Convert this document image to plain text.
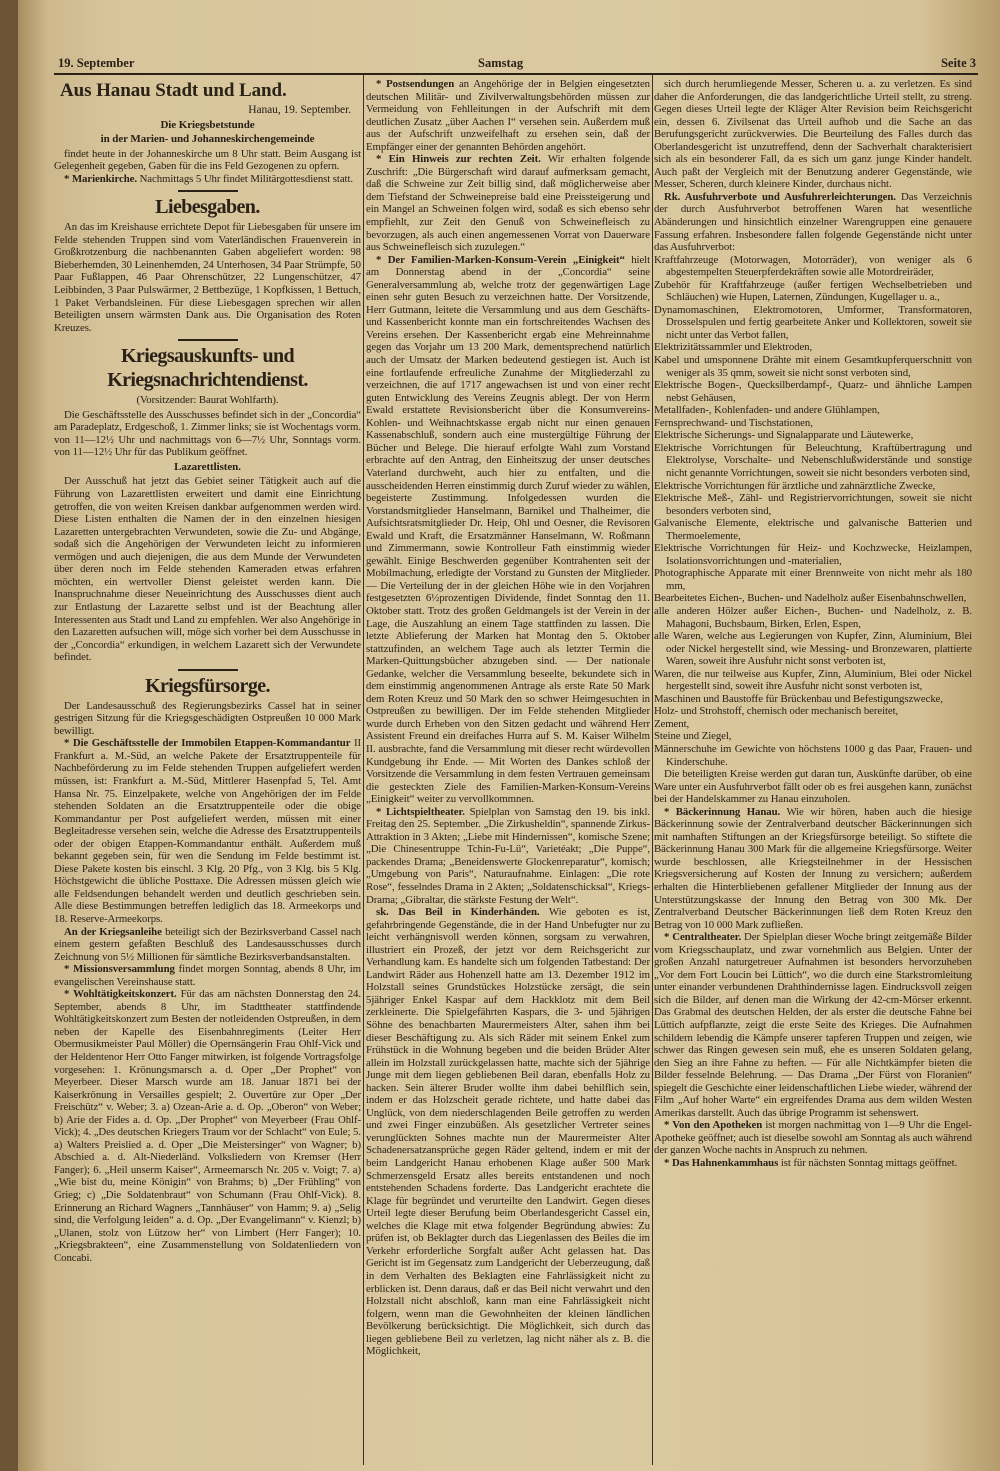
19. September	Samstag	Seite 3

Aus Hanau Stadt und Land.

Hanau, 19. September.

Die Kriegsbetstunde

in der Marien- und Johanneskirchengemeinde

findet heute in der Johanneskirche um 8 Uhr statt. Beim Ausgang ist Gelegenheit gegeben, Gaben für die ins Feld Gezogenen zu opfern.

* Marienkirche. Nachmittags 5 Uhr findet Militärgottesdienst statt.

Liebesgaben.

An das im Kreishause errichtete Depot für Liebesgaben für unsere im Felde stehenden Truppen sind vom Vaterländischen Frauenverein in Großkrotzenburg die nachbenannten Gaben abgeliefert worden: 98 Bieberhemden, 30 Leinenhemden, 24 Unterhosen, 34 Paar Strümpfe, 50 Paar Fußlappen, 46 Paar Ohrenschützer, 22 Lungenschützer, 47 Leibbinden, 3 Paar Pulswärmer, 2 Bettbezüge, 1 Kopfkissen, 1 Bettuch, 1 Paket Verbandsleinen. Für diese Liebesgagen sprechen wir allen Beteiligten unsern wärmsten Dank aus. Die Organisation des Roten Kreuzes.

Kriegsauskunfts- und Kriegsnachrichtendienst.

(Vorsitzender: Baurat Wohlfarth).

Die Geschäftsstelle des Ausschusses befindet sich in der „Concordia“ am Paradeplatz, Erdgeschoß, 1. Zimmer links; sie ist Wochentags vorm. von 11—12½ Uhr und nachmittags von 6—7½ Uhr, Sonntags vorm. von 11—12½ Uhr für das Publikum geöffnet.

Lazarettlisten.

Der Ausschuß hat jetzt das Gebiet seiner Tätigkeit auch auf die Führung von Lazarettlisten erweitert und damit eine Einrichtung getroffen, die von weiten Kreisen dankbar aufgenommen werden wird. Diese Listen enthalten die Namen der in den einzelnen hiesigen Lazaretten untergebrachten Verwundeten, sowie die Zu- und Abgänge, sodaß sich die Angehörigen der Verwundeten leicht zu informieren vermögen und auch diejenigen, die aus dem Munde der Verwundeten über deren noch im Felde stehenden Kameraden etwas erfahren möchten, ein wertvoller Dienst geleistet werden kann. Die Inanspruchnahme dieser Neueinrichtung des Ausschusses dient auch zur Entlastung der Lazarette selbst und ist der Beachtung aller Interessenten aus Stadt und Land zu empfehlen. Wer also Angehörige in den Lazaretten aufsuchen will, möge sich vorher bei dem Ausschusse in der „Concordia“ erkundigen, in welchem Lazarett sich der Verwundete befindet.

Kriegsfürsorge.

Der Landesausschuß des Regierungsbezirks Cassel hat in seiner gestrigen Sitzung für die Kriegsgeschädigten Ostpreußen 10 000 Mark bewilligt.

* Die Geschäftsstelle der Immobilen Etappen-Kommandantur II Frankfurt a. M.-Süd, an welche Pakete der Ersatztruppenteile für Nachbeförderung zu im Felde stehenden Truppen aufgeliefert werden müssen, ist: Frankfurt a. M.-Süd, Mittlerer Hasenpfad 5, Tel. Amt Hansa Nr. 75. Einzelpakete, welche von Angehörigen der im Felde stehenden Soldaten an die Ersatztruppenteile oder die obige Kommandantur per Post aufgeliefert werden, müssen mit einer Begleitadresse versehen sein, welche die Adresse des Ersatztruppenteils oder der obigen Etappen-Kommandantur enthält. Außerdem muß bekannt gegeben sein, für wen die Sendung im Felde bestimmt ist. Diese Pakete kosten bis einschl. 3 Klg. 20 Pfg., von 3 Klg. bis 5 Klg. Höchstgewicht die übliche Posttaxe. Die Adressen müssen gleich wie alle Feldsendungen behandelt werden und deutlich geschrieben sein. Alle diese Bestimmungen betreffen lediglich das 18. Armeekorps und 18. Reserve-Armeekorps.

An der Kriegsanleihe beteiligt sich der Bezirksverband Cassel nach einem gestern gefaßten Beschluß des Landesausschusses durch Zeichnung von 5½ Millionen für sämtliche Bezirksverbandsanstalten.

* Missionsversammlung findet morgen Sonntag, abends 8 Uhr, im evangelischen Vereinshause statt.

* Wohltätigkeitskonzert. Für das am nächsten Donnerstag den 24. September, abends 8 Uhr, im Stadttheater stattfindende Wohltätigkeitskonzert zum Besten der notleidenden Ostpreußen, in dem neben der Kapelle des Eisenbahnregiments (Leiter Herr Obermusikmeister Paul Möller) die Opernsängerin Frau Ohlf-Vick und der Heldentenor Herr Otto Fanger mitwirken, ist folgende Vortragsfolge vorgesehen: 1. Krönungsmarsch a. d. Oper „Der Prophet“ von Meyerbeer. Dieser Marsch wurde am 18. Januar 1871 bei der Kaiserkrönung in Versailles gespielt; 2. Ouvertüre zur Oper „Der Freischütz“ v. Weber; 3. a) Ozean-Arie a. d. Op. „Oberon“ von Weber; b) Arie der Fides a. d. Op. „Der Prophet“ von Meyerbeer (Frau Ohlf-Vick); 4. „Des deutschen Kriegers Traum vor der Schlacht“ von Eule; 5. a) Walters Preislied a. d. Oper „Die Meistersinger“ von Wagner; b) Abschied a. d. Alt-Niederländ. Volksliedern von Kremser (Herr Fanger); 6. „Heil unserm Kaiser“, Armeemarsch Nr. 205 v. Voigt; 7. a) „Wie bist du, meine Königin“ von Brahms; b) „Der Frühling“ von Grieg; c) „Die Soldatenbraut“ von Schumann (Frau Ohlf-Vick). 8. Erinnerung an Richard Wagners „Tannhäuser“ von Hamm; 9. a) „Selig sind, die Verfolgung leiden“ a. d. Op. „Der Evangelimann“ v. Kienzl; b) „Ulanen, stolz von Lützow her“ von Limbert (Herr Fanger); 10. „Kriegsbrakteen“, eine Zusammenstellung von Soldatenliedern von Concabi.

* Postsendungen an Angehörige der in Belgien eingesetzten deutschen Militär- und Zivilverwaltungsbehörden müssen zur Vermeidung von Fehlleitungen in der Aufschrift mit dem deutlichen Zusatz „über Aachen I“ versehen sein. Außerdem muß aus der Aufschrift unzweifelhaft zu ersehen sein, daß der Empfänger einer der genannten Behörden angehört.

* Ein Hinweis zur rechten Zeit. Wir erhalten folgende Zuschrift: „Die Bürgerschaft wird darauf aufmerksam gemacht, daß die Schweine zur Zeit billig sind, daß möglicherweise aber dem Tiefstand der Schweinepreise bald eine Preissteigerung und ein Mangel an Schweinen folgen wird, sodaß es sich ebenso sehr empfiehlt, zur Zeit den Genuß von Schweinefleisch zu bevorzugen, als auch einen angemessenen Vorrat von Dauerware aus Schweinefleisch sich zuzulegen.“

* Der Familien-Marken-Konsum-Verein „Einigkeit“ hielt am Donnerstag abend in der „Concordia“ seine Generalversammlung ab, welche trotz der gegenwärtigen Lage einen sehr guten Besuch zu verzeichnen hatte. Der Vorsitzende, Herr Gutmann, leitete die Versammlung und aus dem Geschäfts- und Kassenbericht konnte man ein fortschreitendes Wachsen des Vereins ersehen. Der Kassenbericht ergab eine Mehreinnahme gegen das Vorjahr um 13 200 Mark, dementsprechend natürlich auch der Umsatz der Marken bedeutend gestiegen ist. Auch ist eine fortlaufende erfreuliche Zunahme der Mitgliederzahl zu verzeichnen, die auf 1717 angewachsen ist und von einer recht guten Entwicklung des Vereins Zeugnis ablegt. Der von Herrn Ewald erstattete Revisionsbericht über die Konsumvereins-Kohlen- und Weihnachtskasse ergab nicht nur einen genauen Kassenabschluß, sondern auch eine mustergültige Führung der Bücher und Belege. Die hierauf erfolgte Wahl zum Vorstand erbrachte auf den Antrag, den Einheitszug der unser deutsches Vaterland durchweht, auch hier zu entfalten, und die ausscheidenden Herren einstimmig durch Zuruf wieder zu wählen, begeisterte Zustimmung. Infolgedessen wurden die Vorstandsmitglieder Hanselmann, Barnikel und Thalheimer, die Aufsichtsratsmitglieder Dr. Heip, Ohl und Oesner, die Revisoren Ewald und Kraft, die Ersatzmänner Hanselmann, W. Roßmann und Zimmermann, sowie Kontrolleur Fath einstimmig wieder gewählt. Einige Beschwerden gegenüber Kontrahenten seit der Mobilmachung, erledigte der Vorstand zu Gunsten der Mitglieder. — Die Verteilung der in der gleichen Höhe wie in den Vorjahren festgesetzten 6½prozentigen Dividende, findet Sonntag den 11. Oktober statt. Trotz des großen Geldmangels ist der Verein in der Lage, die Auszahlung an einem Tage stattfinden zu lassen. Die letzte Ablieferung der Marken hat Montag den 5. Oktober stattzufinden, an welchem Tage auch als letzter Termin die Marken-Quittungsbücher abzugeben sind. — Der nationale Gedanke, welcher die Versammlung beseelte, bekundete sich in dem einstimmig angenommenen Antrage als erste Rate 50 Mark dem Roten Kreuz und 50 Mark den so schwer Heimgesuchten in Ostpreußen zu bewilligen. Der im Felde stehenden Mitglieder wurde durch Erheben von den Sitzen gedacht und während Herr Assistent Freund ein dreifaches Hurra auf S. M. Kaiser Wilhelm II. ausbrachte, fand die Versammlung mit dieser recht würdevollen Kundgebung ihr Ende. — Mit Worten des Dankes schloß der Vorsitzende die Versammlung in dem festen Vertrauen gemeinsam die gesteckten Ziele des Familien-Marken-Konsum-Vereins „Einigkeit“ weiter zu vervollkommnen.

* Lichtspieltheater. Spielplan von Samstag den 19. bis inkl. Freitag den 25. September. „Die Zirkusheldin“, spannende Zirkus-Attraktion in 3 Akten; „Liebe mit Hindernissen“, komische Szene; „Die Chinesentruppe Tchin-Fu-Lü“, Varietéakt; „Die Puppe“, packendes Drama; „Beneidenswerte Glockenreparatur“, komisch; „Umgebung von Paris“, Naturaufnahme. Einlagen: „Die rote Rose“, fesselndes Drama in 2 Akten; „Soldatenschicksal“, Kriegs-Drama; „Gibraltar, die stärkste Festung der Welt“.

sk. Das Beil in Kinderhänden. Wie geboten es ist, gefahrbringende Gegenstände, die in der Hand Unbefugter nur zu leicht verhängnisvoll werden können, sorgsam zu verwahren, illustriert ein Prozeß, der jetzt vor dem Reichsgericht zur Verhandlung kam. Es handelte sich um folgenden Tatbestand: Der Landwirt Räder aus Hohenzell hatte am 13. Dezember 1912 im Holzstall seines Grundstückes Holzstücke zersägt, die sein 5jähriger Enkel Kaspar auf dem Hackklotz mit dem Beil zerkleinerte. Die Spielgefährten Kaspars, die 3- und 5jährigen Söhne des benachbarten Maurermeisters Alter, sahen ihm bei dieser Beschäftigung zu. Als sich Räder mit seinem Enkel zum Frühstück in die Wohnung begeben und die beiden Brüder Alter allein im Holzstall zurückgelassen hatte, machte sich der 5jährige Junge mit dem liegen gebliebenen Beil daran, ebenfalls Holz zu hacken. Sein älterer Bruder wollte ihm dabei behilflich sein, indem er das Holzscheit gerade richtete, und hatte dabei das Unglück, von dem niederschlagenden Beile getroffen zu werden und zwei Finger einzubüßen. Als gesetzlicher Vertreter seines verunglückten Sohnes machte nun der Maurermeister Alter Schadenersatzansprüche gegen Räder geltend, indem er mit der beim Landgericht Hanau erhobenen Klage außer 500 Mark Schmerzensgeld Ersatz alles bereits entstandenen und noch entstehenden Schadens forderte. Das Landgericht erachtete die Klage für begründet und verurteilte den Landwirt. Gegen dieses Urteil legte dieser Berufung beim Oberlandesgericht Cassel ein, welches die Klage mit etwa folgender Begründung abwies: Zu prüfen ist, ob Beklagter durch das Liegenlassen des Beiles die im Verkehr erforderliche Sorgfalt außer Acht gelassen hat. Das Gericht ist im Gegensatz zum Landgericht der Ueberzeugung, daß in dem Verhalten des Beklagten eine Fahrlässigkeit nicht zu erblicken ist. Denn daraus, daß er das Beil nicht verwahrt und den Holzstall nicht abschloß, kann man eine Fahrlässigkeit nicht folgern, wenn man die Gewohnheiten der kleinen ländlichen Bevölkerung berücksichtigt. Die Möglichkeit, sich durch das liegen gebliebene Beil zu verletzen, lag nicht näher als z. B. die Möglichkeit,

sich durch herumliegende Messer, Scheren u. a. zu verletzen. Es sind daher die Anforderungen, die das landgerichtliche Urteil stellt, zu streng. Gegen dieses Urteil legte der Kläger Alter Revision beim Reichsgericht ein, dessen 6. Zivilsenat das Urteil aufhob und die Sache an das Berufungsgericht zurückverwies. Die Beurteilung des Falles durch das Oberlandesgericht ist unzutreffend, denn der Sachverhalt charakterisiert sich als ein besonderer Fall, da es sich um ganz junge Kinder handelt. Auch paßt der Vergleich mit der Benutzung anderer Gegenstände, wie Messer, Scheren, durch kleinere Kinder, durchaus nicht.

Rk. Ausfuhrverbote und Ausfuhrerleichterungen. Das Verzeichnis der durch Ausfuhrverbot betroffenen Waren hat wesentliche Abänderungen und hinsichtlich einzelner Warengruppen eine genauere Fassung erfahren. Insbesondere fallen folgende Gegenstände nicht unter das Ausfuhrverbot:

Kraftfahrzeuge (Motorwagen, Motorräder), von weniger als 6 abgestempelten Steuerpferdekräften sowie alle Motordreiräder,

Zubehör für Kraftfahrzeuge (außer fertigen Wechselbetrieben und Schläuchen) wie Hupen, Laternen, Zündungen, Kugellager u. a.,

Dynamomaschinen, Elektromotoren, Umformer, Transformatoren, Drosselspulen und fertig gearbeitete Anker und Kollektoren, soweit sie nicht unter das Verbot fallen,

Elektrizitätssammler und Elektroden,

Kabel und umsponnene Drähte mit einem Gesamtkupferquerschnitt von weniger als 35 qmm, soweit sie nicht sonst verboten sind,

Elektrische Bogen-, Quecksilberdampf-, Quarz- und ähnliche Lampen nebst Gehäusen,

Metallfaden-, Kohlenfaden- und andere Glühlampen,

Fernsprechwand- und Tischstationen,

Elektrische Sicherungs- und Signalapparate und Läutewerke,

Elektrische Vorrichtungen für Beleuchtung, Kraftübertragung und Elektrolyse, Vorschalte- und Nebenschlußwiderstände und sonstige nicht genannte Vorrichtungen, soweit sie nicht besonders verboten sind,

Elektrische Vorrichtungen für ärztliche und zahnärztliche Zwecke,

Elektrische Meß-, Zähl- und Registriervorrichtungen, soweit sie nicht besonders verboten sind,

Galvanische Elemente, elektrische und galvanische Batterien und Thermoelemente,

Elektrische Vorrichtungen für Heiz- und Kochzwecke, Heizlampen, Isolationsvorrichtungen und -materialien,

Photographische Apparate mit einer Brennweite von nicht mehr als 180 mm,

Bearbeitetes Eichen-, Buchen- und Nadelholz außer Eisenbahnschwellen,

alle anderen Hölzer außer Eichen-, Buchen- und Nadelholz, z. B. Mahagoni, Buchsbaum, Birken, Erlen, Espen,

alle Waren, welche aus Legierungen von Kupfer, Zinn, Aluminium, Blei oder Nickel hergestellt sind, wie Messing- und Bronzewaren, plattierte Waren, soweit ihre Ausfuhr nicht sonst verboten ist,

Waren, die nur teilweise aus Kupfer, Zinn, Aluminium, Blei oder Nickel hergestellt sind, soweit ihre Ausfuhr nicht sonst verboten ist,

Maschinen und Baustoffe für Brückenbau und Befestigungszwecke,

Holz- und Strohstoff, chemisch oder mechanisch bereitet,

Zement,

Steine und Ziegel,

Männerschuhe im Gewichte von höchstens 1000 g das Paar, Frauen- und Kinderschuhe.

Die beteiligten Kreise werden gut daran tun, Auskünfte darüber, ob eine Ware unter ein Ausfuhrverbot fällt oder ob es frei ausgehen kann, zunächst bei der Handelskammer zu Hanau einzuholen.

* Bäckerinnung Hanau. Wie wir hören, haben auch die hiesige Bäckerinnung sowie der Zentralverband deutscher Bäckerinnungen sich mit namhaften Stiftungen an der Kriegsfürsorge beteiligt. So stiftete die Bäckerinnung Hanau 300 Mark für die allgemeine Kriegsfürsorge. Weiter wurde beschlossen, alle Kriegsteilnehmer in der Hessischen Kriegsversicherung auf Kosten der Innung zu versichern; außerdem erhalten die Hinterbliebenen gefallener Mitglieder der Innung aus der Unterstützungskasse der Innung den Betrag von 300 Mk. Der Zentralverband Deutscher Bäckerinnungen ließ dem Roten Kreuz den Betrag von 10 000 Mark zufließen.

* Centraltheater. Der Spielplan dieser Woche bringt zeitgemäße Bilder vom Kriegsschauplatz, und zwar vornehmlich aus Belgien. Unter der großen Anzahl naturgetreuer Aufnahmen ist besonders hervorzuheben „Vor dem Fort Loucin bei Lüttich“, wo die durch eine Starkstromleitung unter einander verbundenen Drahthindernisse lagen. Eindrucksvoll zeigen sich die Bilder, auf denen man die Wirkung der 42-cm-Mörser erkennt. Das Grabmal des deutschen Helden, der als erster die deutsche Fahne bei Lüttich aufpflanzte, zeigt die erste Seite des Krieges. Die Aufnahmen schildern lebendig die Kämpfe unserer tapferen Truppen und zeigen, wie schwer das Ringen gewesen sein muß, ehe es unseren Soldaten gelang, den Sieg an ihre Fahne zu heften. — Für alle Nichtkämpfer bieten die Bilder fesselnde Belehrung. — Das Drama „Der Fürst von Floranien“ spiegelt die Geschichte einer leidenschaftlichen Liebe wieder, während der Film „Auf hoher Warte“ ein ergreifendes Drama aus dem wilden Westen Amerikas darstellt. Auch das übrige Programm ist sehenswert.

* Von den Apotheken ist morgen nachmittag von 1—9 Uhr die Engel-Apotheke geöffnet; auch ist dieselbe sowohl am Sonntag als auch während der ganzen Woche nachts in Anspruch zu nehmen.

* Das Hahnenkammhaus ist für nächsten Sonntag mittags geöffnet.
